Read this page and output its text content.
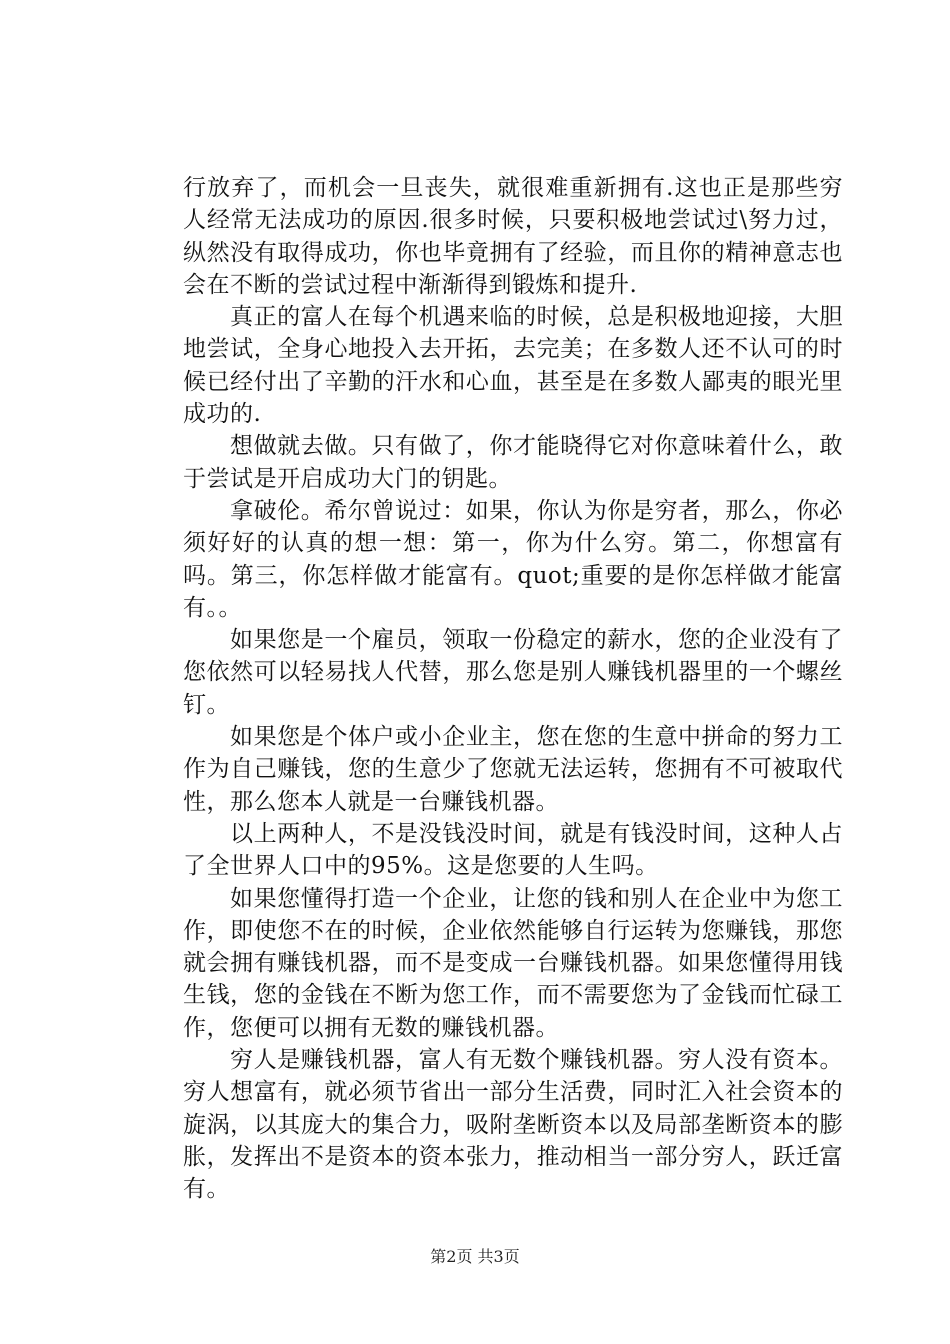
行放弃了，而机会一旦丧失，就很难重新拥有.这也正是那些穷人经常无法成功的原因.很多时候，只要积极地尝试过\努力过，纵然没有取得成功，你也毕竟拥有了经验，而且你的精神意志也会在不断的尝试过程中渐渐得到锻炼和提升.

真正的富人在每个机遇来临的时候，总是积极地迎接，大胆地尝试，全身心地投入去开拓，去完美；在多数人还不认可的时候已经付出了辛勤的汗水和心血，甚至是在多数人鄙夷的眼光里成功的.

想做就去做。只有做了，你才能晓得它对你意味着什么，敢于尝试是开启成功大门的钥匙。

拿破伦。希尔曾说过：如果，你认为你是穷者，那么，你必须好好的认真的想一想：第一，你为什么穷。第二，你想富有吗。第三，你怎样做才能富有。quot;重要的是你怎样做才能富有。。

如果您是一个雇员，领取一份稳定的薪水，您的企业没有了您依然可以轻易找人代替，那么您是别人赚钱机器里的一个螺丝钉。

如果您是个体户或小企业主，您在您的生意中拼命的努力工作为自己赚钱，您的生意少了您就无法运转，您拥有不可被取代性，那么您本人就是一台赚钱机器。

以上两种人，不是没钱没时间，就是有钱没时间，这种人占了全世界人口中的95%。这是您要的人生吗。

如果您懂得打造一个企业，让您的钱和别人在企业中为您工作，即使您不在的时候，企业依然能够自行运转为您赚钱，那您就会拥有赚钱机器，而不是变成一台赚钱机器。如果您懂得用钱生钱，您的金钱在不断为您工作，而不需要您为了金钱而忙碌工作，您便可以拥有无数的赚钱机器。

穷人是赚钱机器，富人有无数个赚钱机器。穷人没有资本。穷人想富有，就必须节省出一部分生活费，同时汇入社会资本的旋涡，以其庞大的集合力，吸附垄断资本以及局部垄断资本的膨胀，发挥出不是资本的资本张力，推动相当一部分穷人，跃迁富有。

第2页 共3页
